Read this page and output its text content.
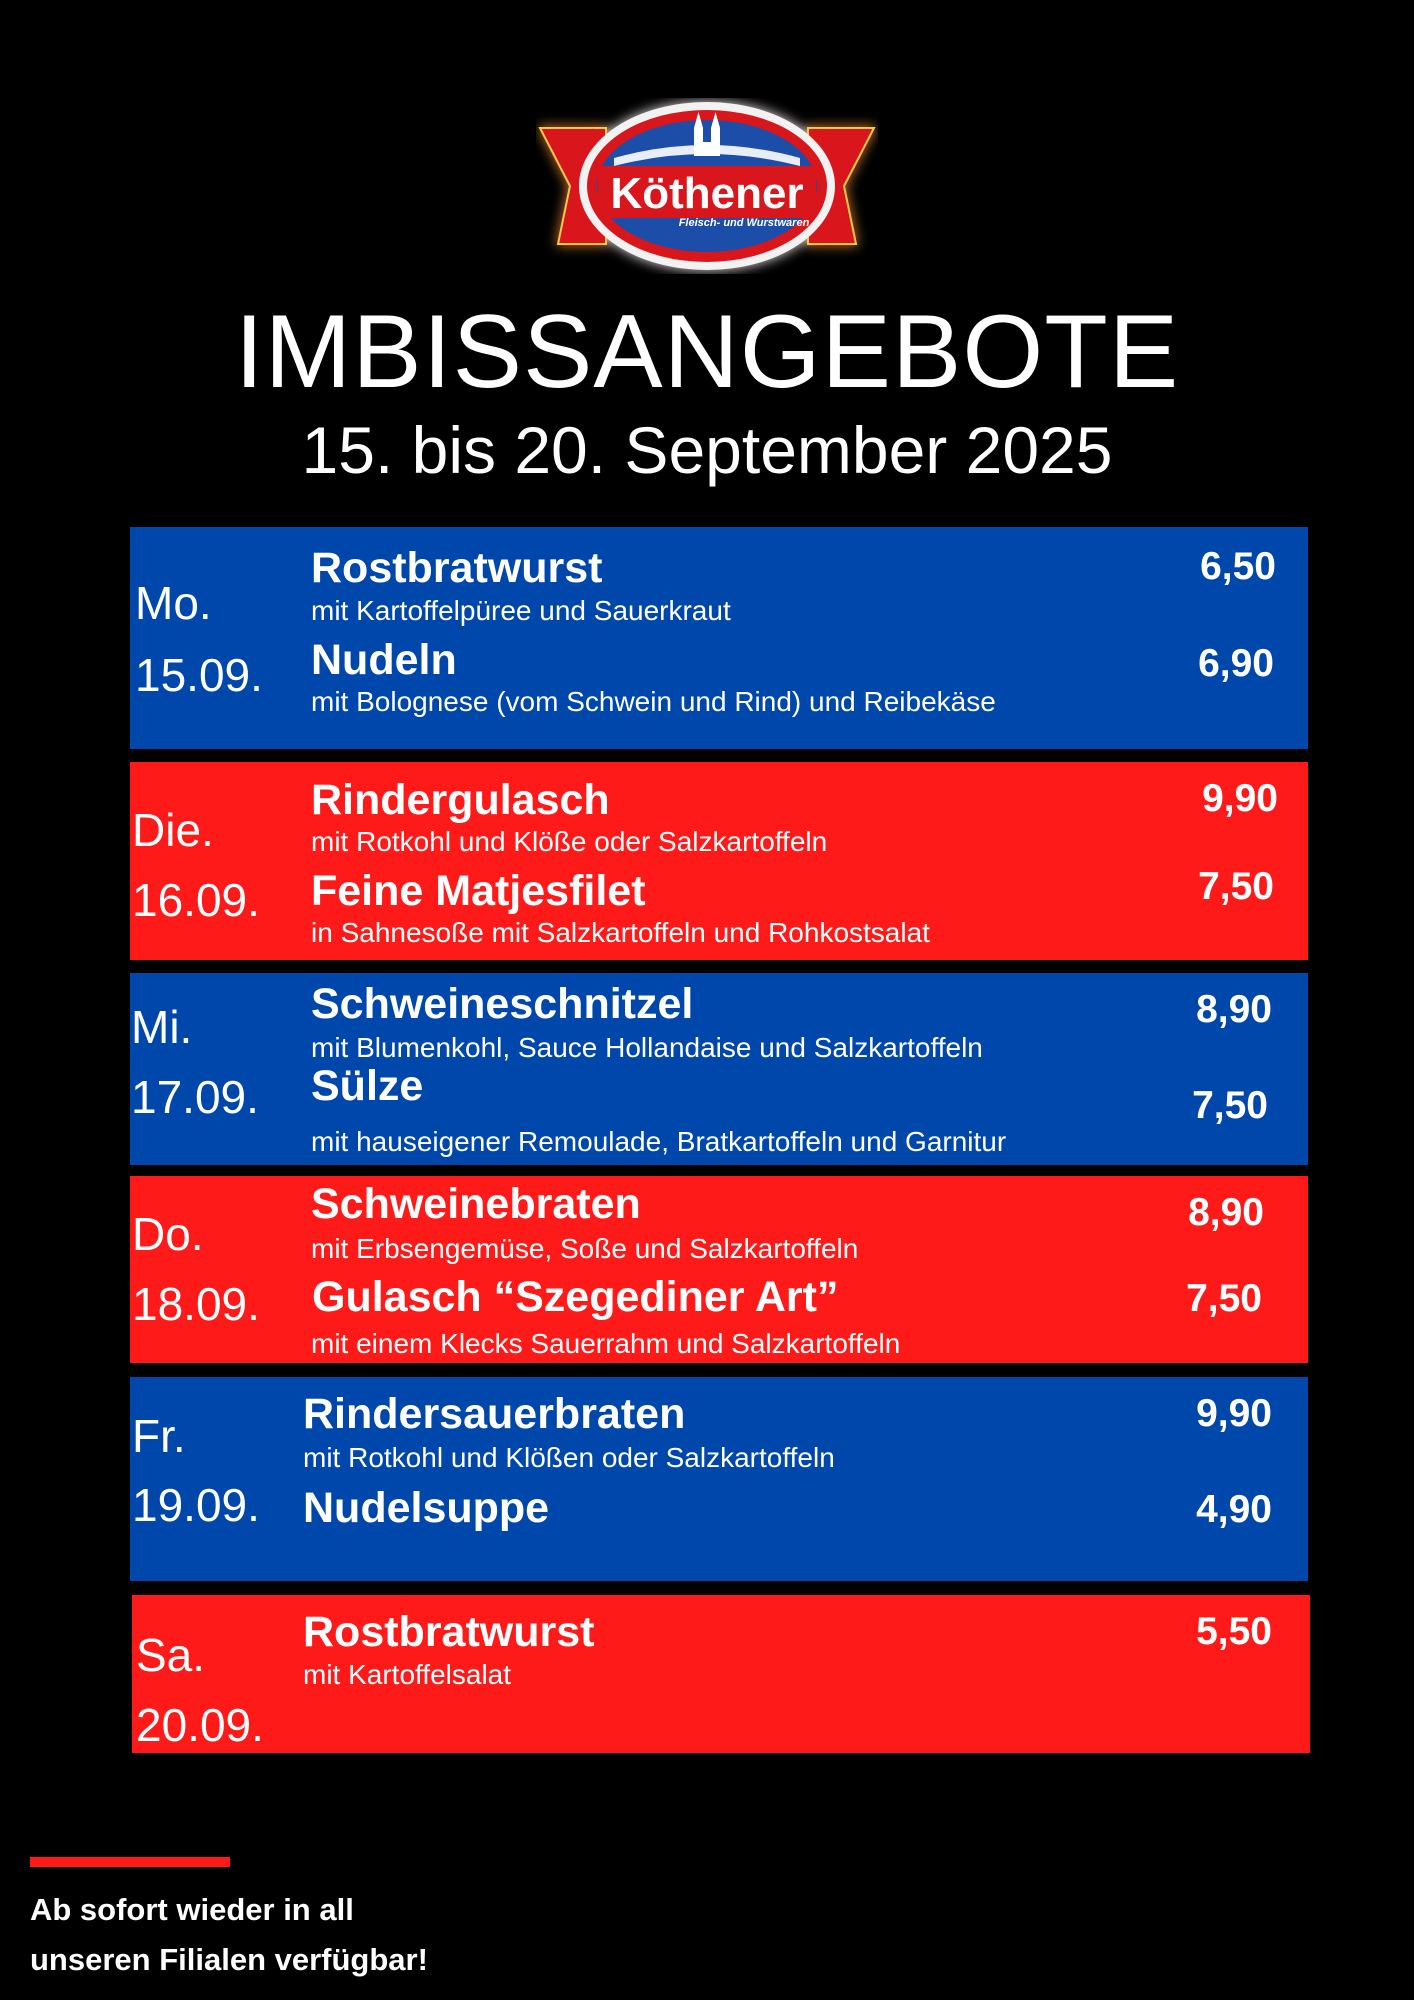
Köthener
Fleisch- und Wurstwaren
IMBISSANGEBOTE
15. bis 20. September 2025
Mo.
15.09.
Rostbratwurst
mit Kartoffelpüree und Sauerkraut
6,50
Nudeln
mit Bolognese (vom Schwein und Rind) und Reibekäse
6,90
Die.
16.09.
Rindergulasch
mit Rotkohl und Klöße oder Salzkartoffeln
9,90
Feine Matjesfilet
in Sahnesoße mit Salzkartoffeln und Rohkostsalat
7,50
Mi.
17.09.
Schweineschnitzel
mit Blumenkohl, Sauce Hollandaise und Salzkartoffeln
8,90
Sülze
mit hauseigener Remoulade, Bratkartoffeln und Garnitur
7,50
Do.
18.09.
Schweinebraten
mit Erbsengemüse, Soße und Salzkartoffeln
8,90
Gulasch “Szegediner Art”
mit einem Klecks Sauerrahm und Salzkartoffeln
7,50
Fr.
19.09.
Rindersauerbraten
mit Rotkohl und Klößen oder Salzkartoffeln
9,90
Nudelsuppe	4,90
Sa.
20.09.
Rostbratwurst
mit Kartoffelsalat
5,50
Ab sofort wieder in all
unseren Filialen verfügbar!
